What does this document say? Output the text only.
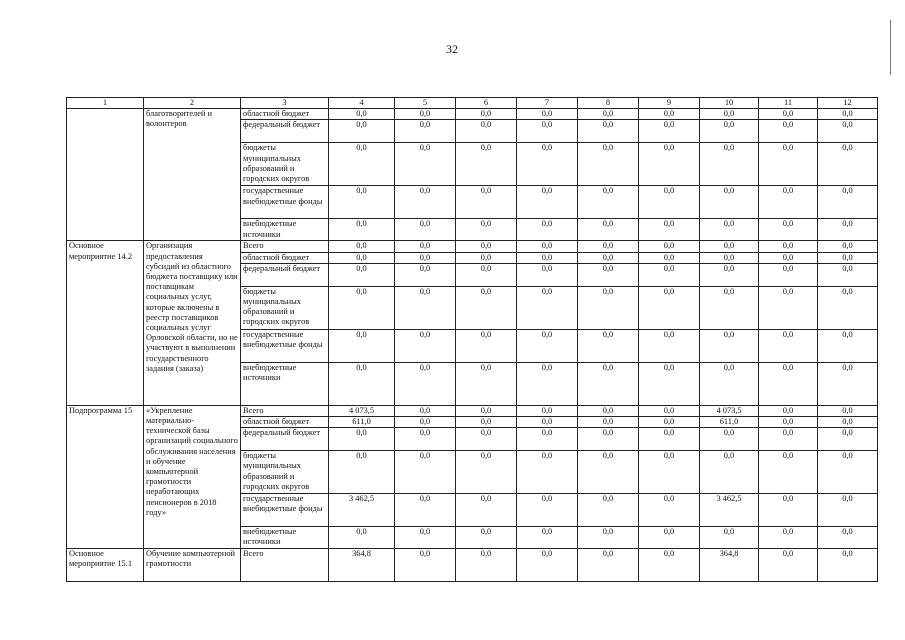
32
1	2	3	4	5	6	7	8	9	10	11	12
	благотворителей и волонтеров	областной бюджет	0,0	0,0	0,0	0,0	0,0	0,0	0,0	0,0	0,0
		федеральный бюджет	0,0	0,0	0,0	0,0	0,0	0,0	0,0	0,0	0,0
		бюджеты муниципальных образований и городских округов	0,0	0,0	0,0	0,0	0,0	0,0	0,0	0,0	0,0
		государственные внебюджетные фонды	0,0	0,0	0,0	0,0	0,0	0,0	0,0	0,0	0,0
		внебюджетные источники	0,0	0,0	0,0	0,0	0,0	0,0	0,0	0,0	0,0
Основное мероприятие 14.2	Организация предоставления субсидий из областного бюджета поставщику или поставщикам социальных услуг, которые включены в реестр поставщиков социальных услуг Орловской области, но не участвуют в выполнении государственного задания (заказа)	Всего	0,0	0,0	0,0	0,0	0,0	0,0	0,0	0,0	0,0
		областной бюджет	0,0	0,0	0,0	0,0	0,0	0,0	0,0	0,0	0,0
		федеральный бюджет	0,0	0,0	0,0	0,0	0,0	0,0	0,0	0,0	0,0
		бюджеты муниципальных образований и городских округов	0,0	0,0	0,0	0,0	0,0	0,0	0,0	0,0	0,0
		государственные внебюджетные фонды	0,0	0,0	0,0	0,0	0,0	0,0	0,0	0,0	0,0
		внебюджетные источники	0,0	0,0	0,0	0,0	0,0	0,0	0,0	0,0	0,0
Подпрограмма 15	«Укрепление материально-технической базы организаций социального обслуживания населения и обучение компьютерной грамотности неработающих пенсионеров в 2018 году»	Всего	4 073,5	0,0	0,0	0,0	0,0	0,0	4 073,5	0,0	0,0
		областной бюджет	611,0	0,0	0,0	0,0	0,0	0,0	611,0	0,0	0,0
		федеральный бюджет	0,0	0,0	0,0	0,0	0,0	0,0	0,0	0,0	0,0
		бюджеты муниципальных образований и городских округов	0,0	0,0	0,0	0,0	0,0	0,0	0,0	0,0	0,0
		государственные внебюджетные фонды	3 462,5	0,0	0,0	0,0	0,0	0,0	3 462,5	0,0	0,0
		внебюджетные источники	0,0	0,0	0,0	0,0	0,0	0,0	0,0	0,0	0,0
Основное мероприятие 15.1	Обучение компьютерной грамотности	Всего	364,8	0,0	0,0	0,0	0,0	0,0	364,8	0,0	0,0
